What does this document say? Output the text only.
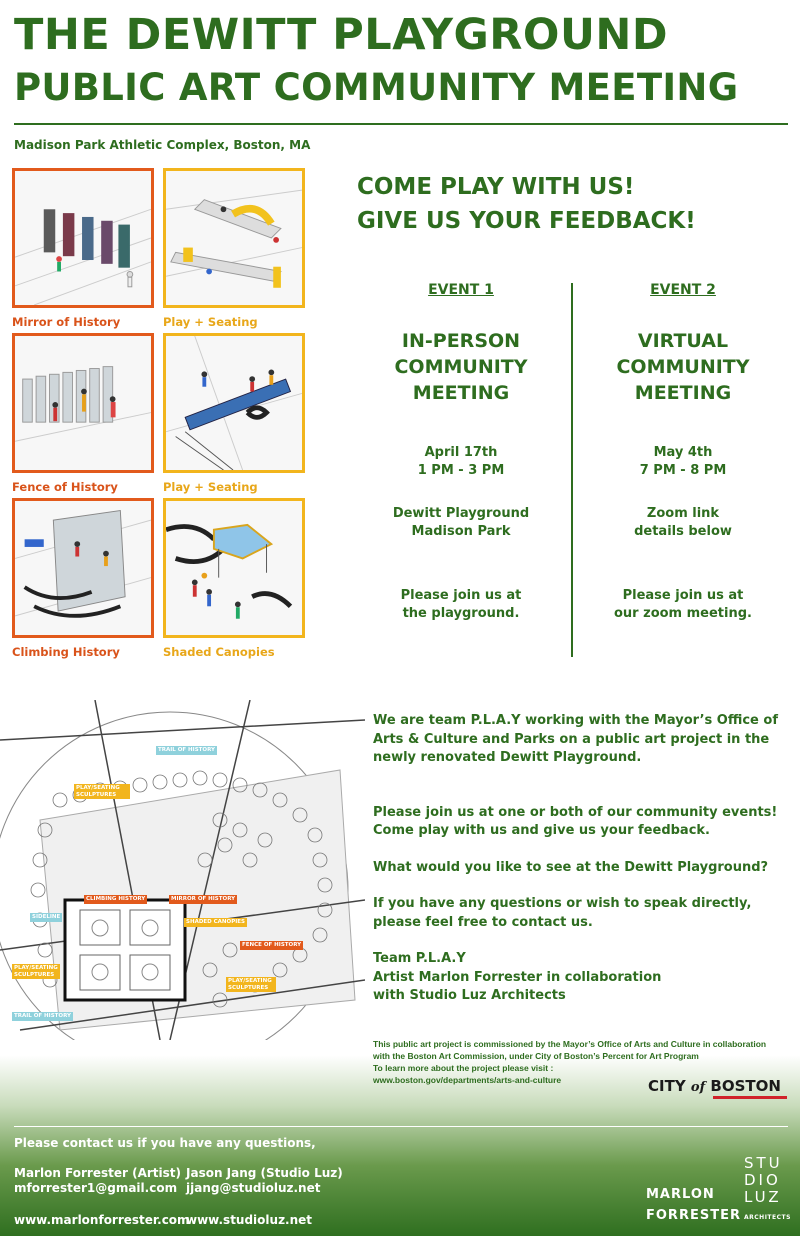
THE DEWITT PLAYGROUND
PUBLIC ART COMMUNITY MEETING
Madison Park Athletic Complex, Boston, MA
Mirror of History	Play + Seating
Fence of History	Play + Seating
Climbing History	Shaded Canopies
COME PLAY WITH US!
GIVE US YOUR FEEDBACK!
EVENT 1
IN-PERSON
COMMUNITY
MEETING
April 17th
1 PM - 3 PM
Dewitt Playground
Madison Park
Please join us at
the playground.
EVENT 2
VIRTUAL
COMMUNITY
MEETING
May 4th
7 PM - 8 PM
Zoom link
details below
Please join us at
our zoom meeting.
TRAIL OF HISTORY
PLAY/SEATING SCULPTURES
CLIMBING HISTORY	MIRROR OF HISTORY
SHADED CANOPIES
SIDELINE
FENCE OF HISTORY
PLAY/SEATING SCULPTURES
PLAY/SEATING SCULPTURES
TRAIL OF HISTORY

We are team P.L.A.Y working with the Mayor’s Office of Arts & Culture and Parks on a public art project in the newly renovated Dewitt Playground.

Please join us at one or both of our community events! Come play with us and give us your feedback.

What would you like to see at the Dewitt Playground?

If you have any questions or wish to speak directly, please feel free to contact us.

Team P.L.A.Y
Artist Marlon Forrester in collaboration
with Studio Luz Architects
This public art project is commissioned by the Mayor’s Office of Arts and Culture in collaboration
with the Boston Art Commission, under City of Boston’s Percent for Art Program
To learn more about the project please visit :
www.boston.gov/departments/arts-and-culture	CITY of BOSTON
Please contact us if you have any questions,
Marlon Forrester (Artist)
mforrester1@gmail.com
Jason Jang (Studio Luz)
jjang@studioluz.net
www.marlonforrester.com
www.studioluz.net
MARLON
FORRESTER
STU
DIO
LUZ
ARCHITECTS
